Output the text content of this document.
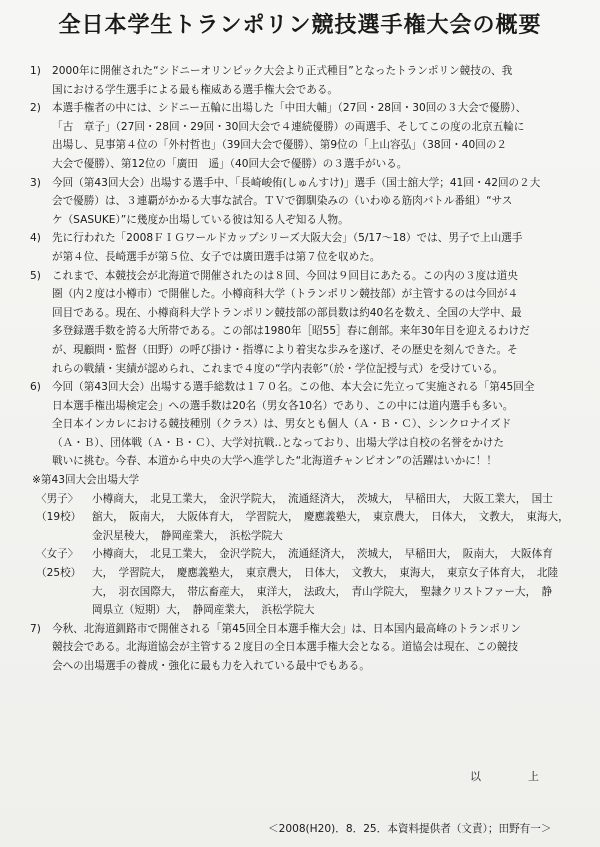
全日本学生トランポリン競技選手権大会の概要
1)	2000年に開催された“シドニーオリンピック大会より正式種目”となったトランポリン競技の、我
国における学生選手による最も権威ある選手権大会である。
2)	本選手権者の中には、シドニー五輪に出場した「中田大輔」（27回・28回・30回の３大会で優勝）、
「古　章子」（27回・28回・29回・30回大会で４連続優勝）の両選手、そしてこの度の北京五輪に
出場し、見事第４位の「外村哲也」（39回大会で優勝）、第9位の「上山容弘」（38回・40回の２
大会で優勝）、第12位の「廣田　遥」（40回大会で優勝）の３選手がいる。
3)	今回（第43回大会）出場する選手中、「長崎峻侑(しゅんすけ)」選手（国士舘大学；41回・42回の２大
会で優勝）は、３連覇がかかる大事な試合。ＴＶで御馴染みの（いわゆる筋肉バトル番組）“サス
ケ（SASUKE）”に幾度か出場している彼は知る人ぞ知る人物。
4)	先に行われた「2008ＦＩＧワールドカップシリーズ大阪大会」（5/17～18）では、男子で上山選手
が第４位、長崎選手が第５位、女子では廣田選手は第７位を収めた。
5)	これまで、本競技会が北海道で開催されたのは８回、今回は９回目にあたる。この内の３度は道央
圏（内２度は小樽市）で開催した。小樽商科大学（トランポリン競技部）が主管するのは今回が４
回目である。現在、小樽商科大学トランポリン競技部の部員数は約40名を数え、全国の大学中、最
多登録選手数を誇る大所帯である。この部は1980年［昭55］春に創部。来年30年目を迎えるわけだ
が、現顧問・監督（田野）の呼び掛け・指導により着実な歩みを遂げ、その歴史を刻んできた。そ
れらの戦績・実績が認められ、これまで４度の“学内表彰”（於・学位記授与式）を受けている。
6)	今回（第43回大会）出場する選手総数は１７０名。この他、本大会に先立って実施される「第45回全
日本選手権出場検定会」への選手数は20名（男女各10名）であり、この中には道内選手も多い。
全日本インカレにおける競技種別（クラス）は、男女とも個人（Ａ・Ｂ・Ｃ）、シンクロナイズド
（Ａ・Ｂ）、団体戦（Ａ・Ｂ・Ｃ）、大学対抗戦‥となっており、出場大学は自校の名誉をかけた
戦いに挑む。今春、本道から中央の大学へ進学した“北海道チャンピオン”の活躍はいかに！！
※第43回大会出場大学
〈男子〉
（19校）
小樽商大，　北見工業大，　金沢学院大，　流通経済大，　茨城大，　早稲田大，　大阪工業大，　国士
舘大，　阪南大，　大阪体育大，　学習院大，　慶應義塾大，　東京農大，　日体大，　文教大，　東海大，
金沢星稜大，　静岡産業大，　浜松学院大
〈女子〉
（25校）
小樽商大，　北見工業大，　金沢学院大，　流通経済大，　茨城大，　早稲田大，　阪南大，　大阪体育
大，　学習院大，　慶應義塾大，　東京農大，　日体大，　文教大，　東海大，　東京女子体育大，　北陸
大，　羽衣国際大，　帯広畜産大，　東洋大，　法政大，　青山学院大，　聖隷クリストファー大，　静
岡県立（短期）大，　静岡産業大，　浜松学院大
7)	今秋、北海道釧路市で開催される「第45回全日本選手権大会」は、日本国内最高峰のトランポリン
競技会である。北海道協会が主管する２度目の全日本選手権大会となる。道協会は現在、この競技
会への出場選手の養成・強化に最も力を入れている最中でもある。
以	上
＜2008(H20)．8．25．本資料提供者（文責）；田野有一＞
